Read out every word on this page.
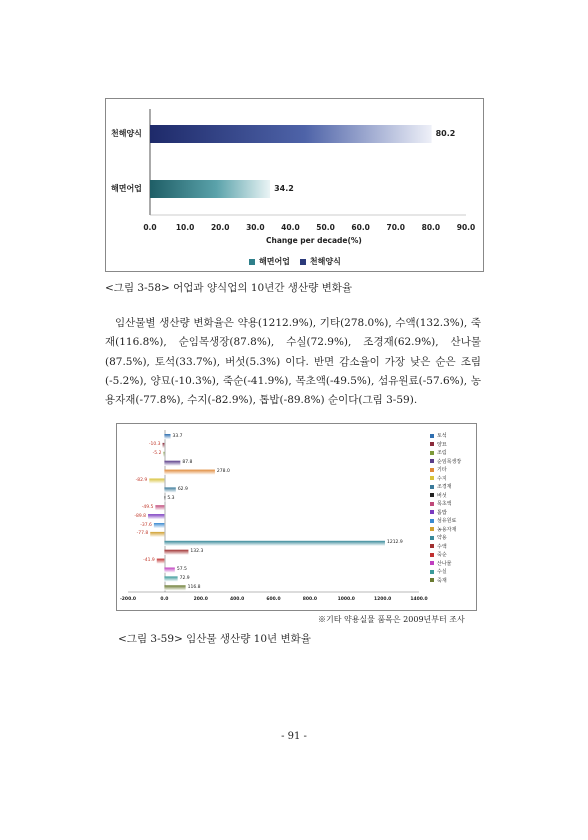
천해양식	80.2
해면어업	34.2
0.0	10.0	20.0	30.0	40.0	50.0	60.0	70.0	80.0	90.0
Change per decade(%)
해면어업	천해양식
<그림 3-58> 어업과 양식업의 10년간 생산량 변화율
임산물별 생산량 변화율은 약용(1212.9%), 기타(278.0%), 수액(132.3%), 죽재(116.8%), 순임목생장(87.8%), 수실(72.9%), 조경재(62.9%), 산나물(87.5%), 토석(33.7%), 버섯(5.3%) 이다. 반면 감소율이 가장 낮은 순은 조림(-5.2%), 양묘(-10.3%), 죽순(-41.9%), 목초액(-49.5%), 섬유원료(-57.6%), 농용자재(-77.8%), 수지(-82.9%), 톱밥(-89.8%) 순이다(그림 3-59).
33.7	토석
-10.3	양묘
-5.2	조림
87.8	순임목생장
278.0	기타
-82.9	수지
62.9	조경재
5.3	버섯
-49.5
목초액
-89.8
톱밥
-37.6
섬유원료
-77.8
농용자재
1212.9
약용
132.3
수액
-41.9
죽순
57.5
산나물
72.9
수실
116.8
죽재
-200.0	0.0	200.0	400.0	600.0	800.0	1000.0	1200.0	1400.0
※기타 약용실물 품목은 2009년부터 조사
<그림 3-59> 임산물 생산량 10년 변화율
- 91 -
